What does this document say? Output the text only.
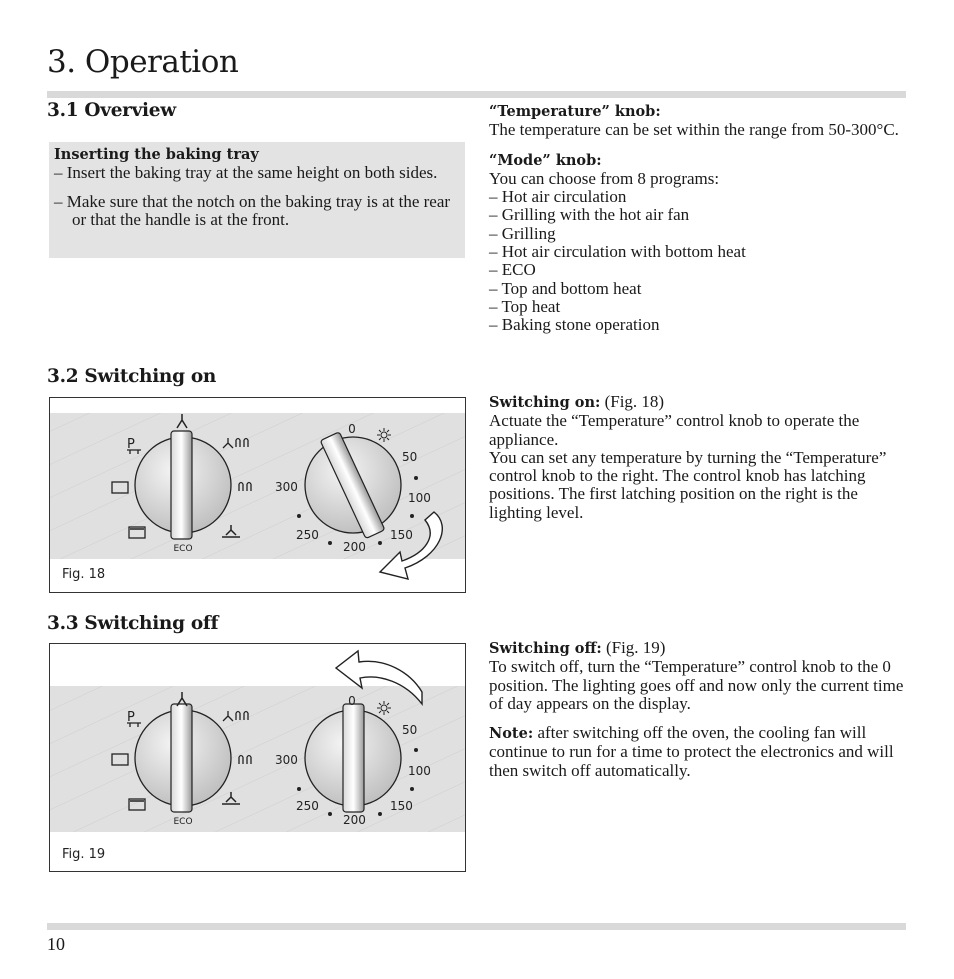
3. Operation
3.1 Overview

Inserting the baking tray

– Insert the baking tray at the same height on both sides.

– Make sure that the notch on the baking tray is at the rear or that the handle is at the front.

“Temperature” knob:

The temperature can be set within the range from 50-300°C.

“Mode” knob:

You can choose from 8 programs:

– Hot air circulation

– Grilling with the hot air fan

– Grilling

– Hot air circulation with bottom heat

– ECO

– Top and bottom heat

– Top heat

– Baking stone operation

3.2 Switching on
ECO
P
0
50
100
150
200
250
300
Fig. 18

Switching on: (Fig. 18)

Actuate the “Temperature” control knob to operate the appliance.

You can set any temperature by turning the “Temperature” control knob to the right. The control knob has latching positions. The first latching position on the right is the lighting level.

3.3 Switching off
ECO
P
0
50
100
150
200
250
300
Fig. 19

Switching off: (Fig. 19)

To switch off, turn the “Temperature” control knob to the 0 position. The lighting goes off and now only the current time of day appears on the display.

Note: after switching off the oven, the cooling fan will continue to run for a time to protect the electronics and will then switch off automatically.

10
